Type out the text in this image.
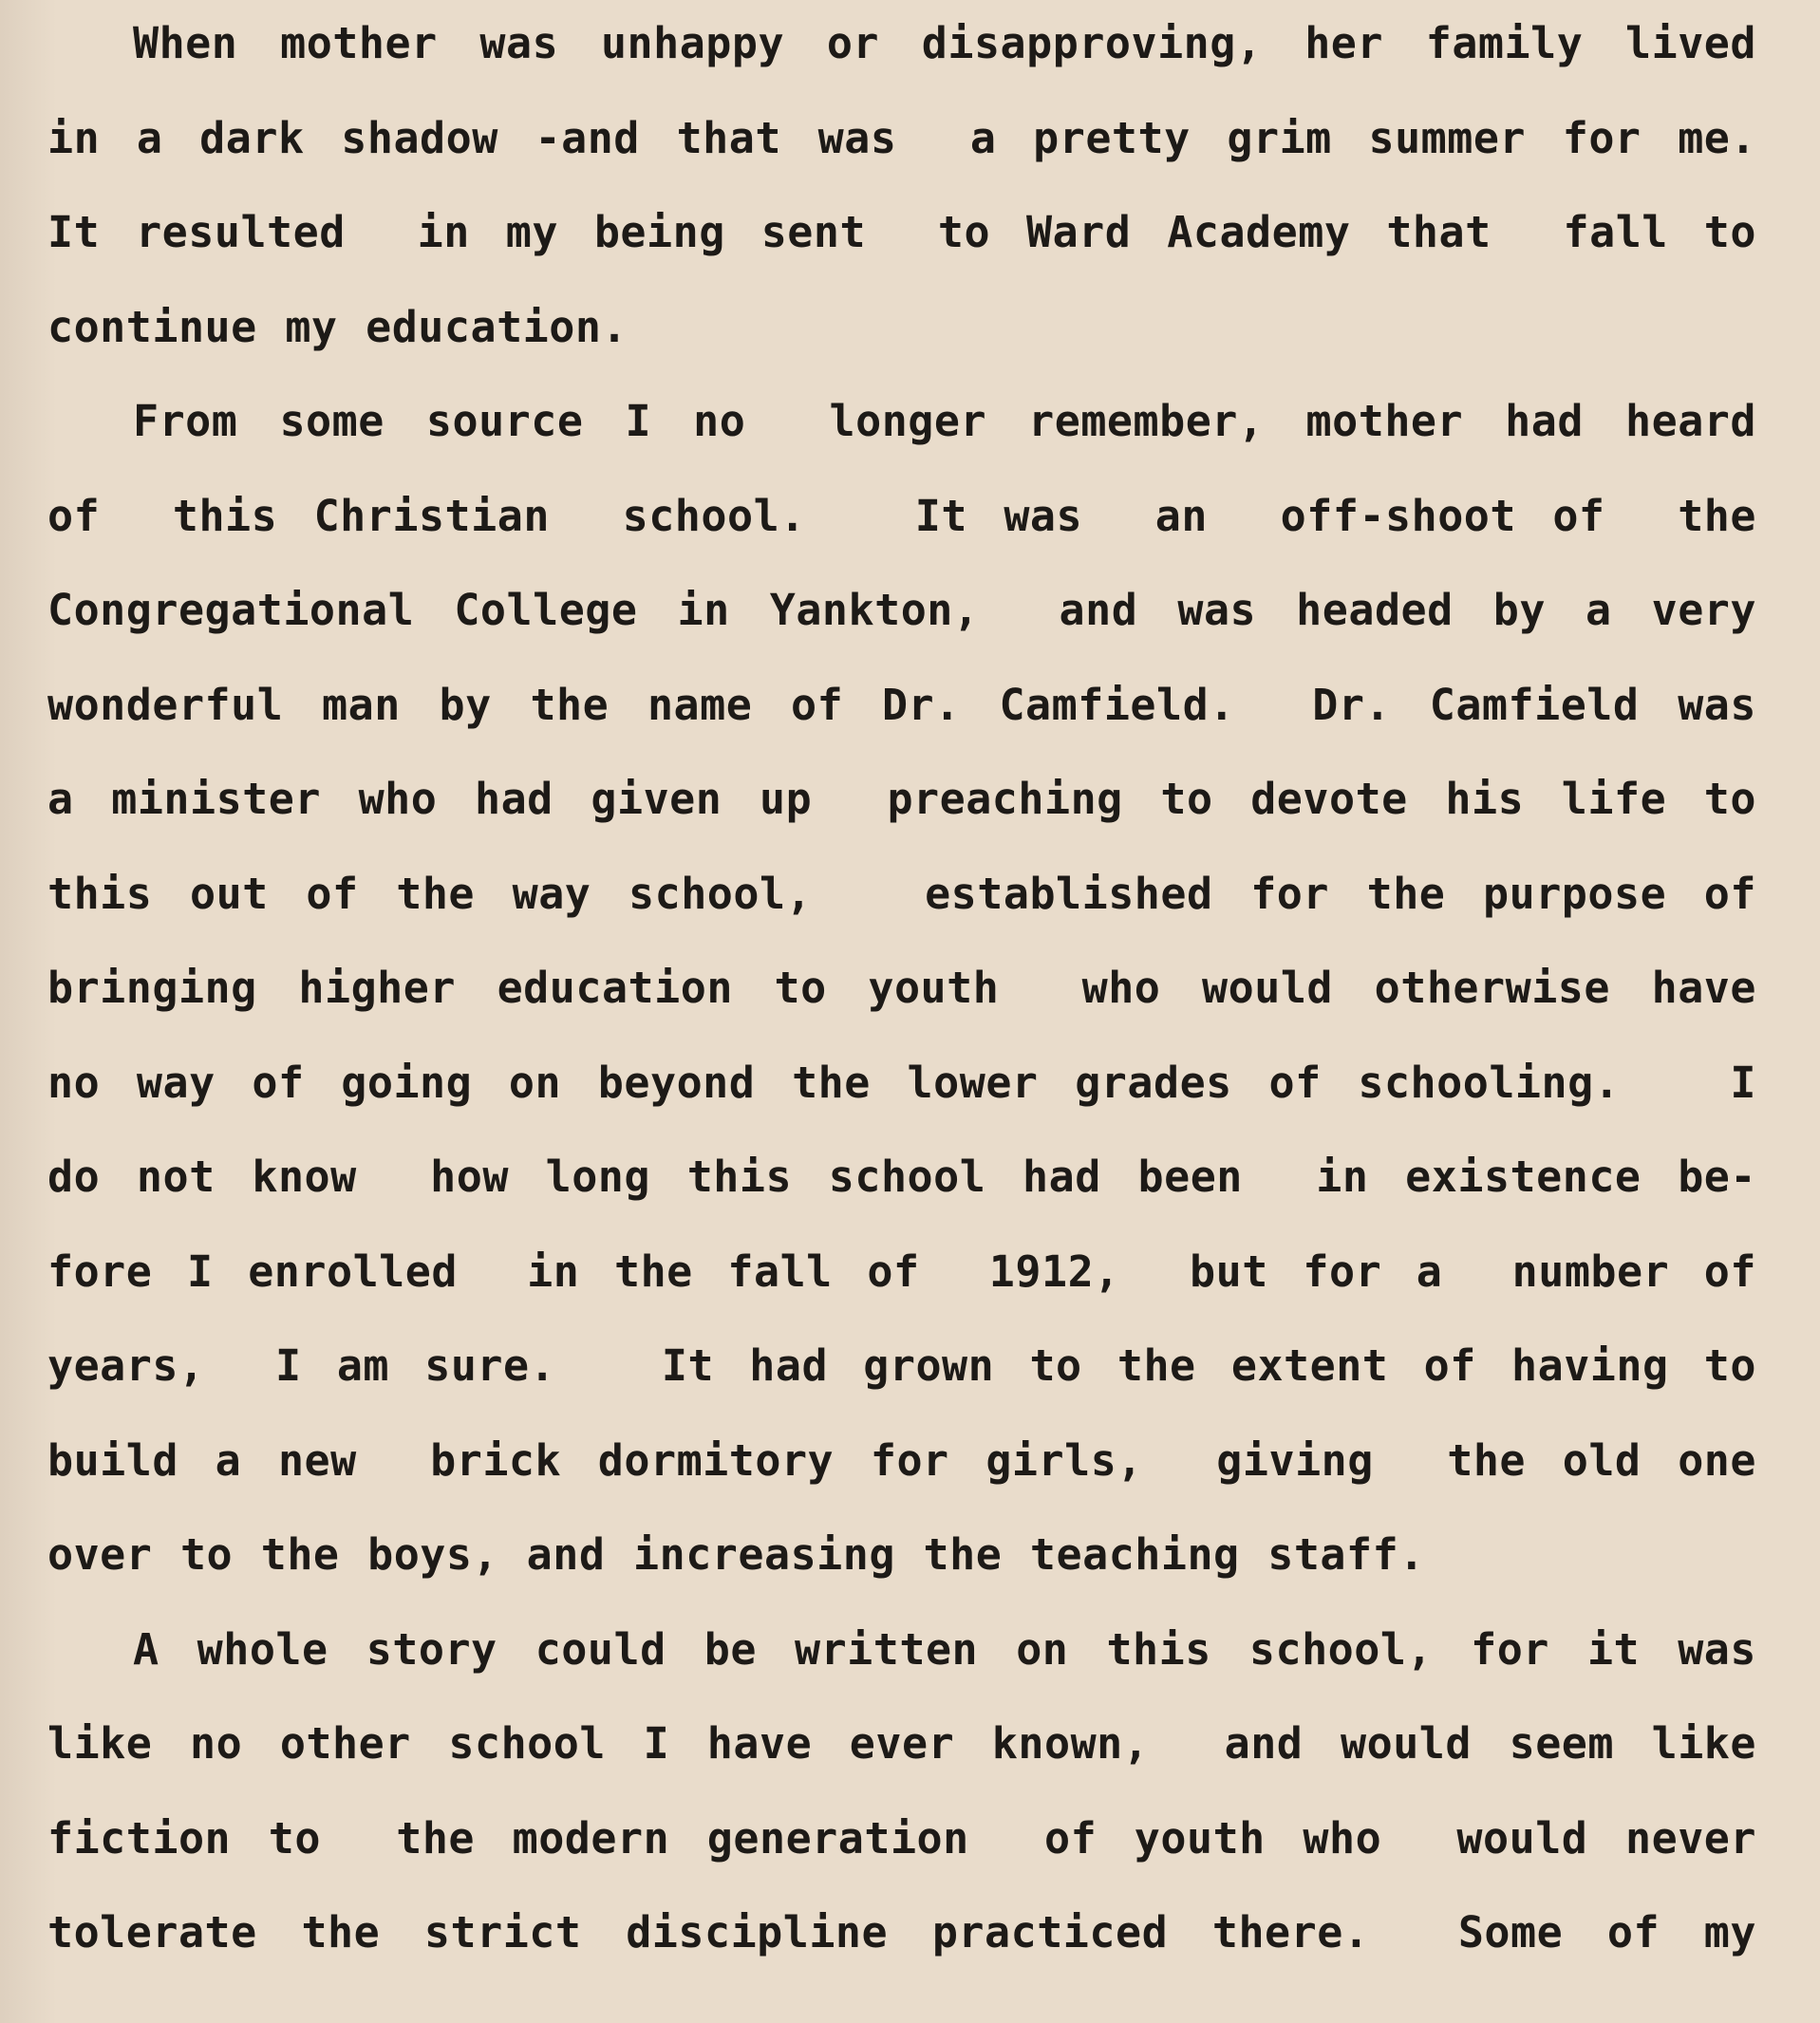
When mother was unhappy or disapproving, her family lived
in a dark shadow -and that was  a pretty grim summer for me.
It resulted  in my being sent  to Ward Academy that  fall to
continue my education.
From some source I no  longer remember, mother had heard
of  this Christian  school.   It was  an  off-shoot of  the
Congregational College in Yankton,  and was headed by a very
wonderful man by the name of Dr. Camfield.  Dr. Camfield was
a minister who had given up  preaching to devote his life to
this out of the way school,   established for the purpose of
bringing higher education to youth  who would otherwise have
no way of going on beyond the lower grades of schooling.   I
do not know  how long this school had been  in existence be-
fore I enrolled  in the fall of  1912,  but for a  number of
years,  I am sure.   It had grown to the extent of having to
build a new  brick dormitory for girls,  giving  the old one
over to the boys, and increasing the teaching staff.
A whole story could be written on this school, for it was
like no other school I have ever known,  and would seem like
fiction to  the modern generation  of youth who  would never
tolerate the strict discipline practiced there.  Some of my
